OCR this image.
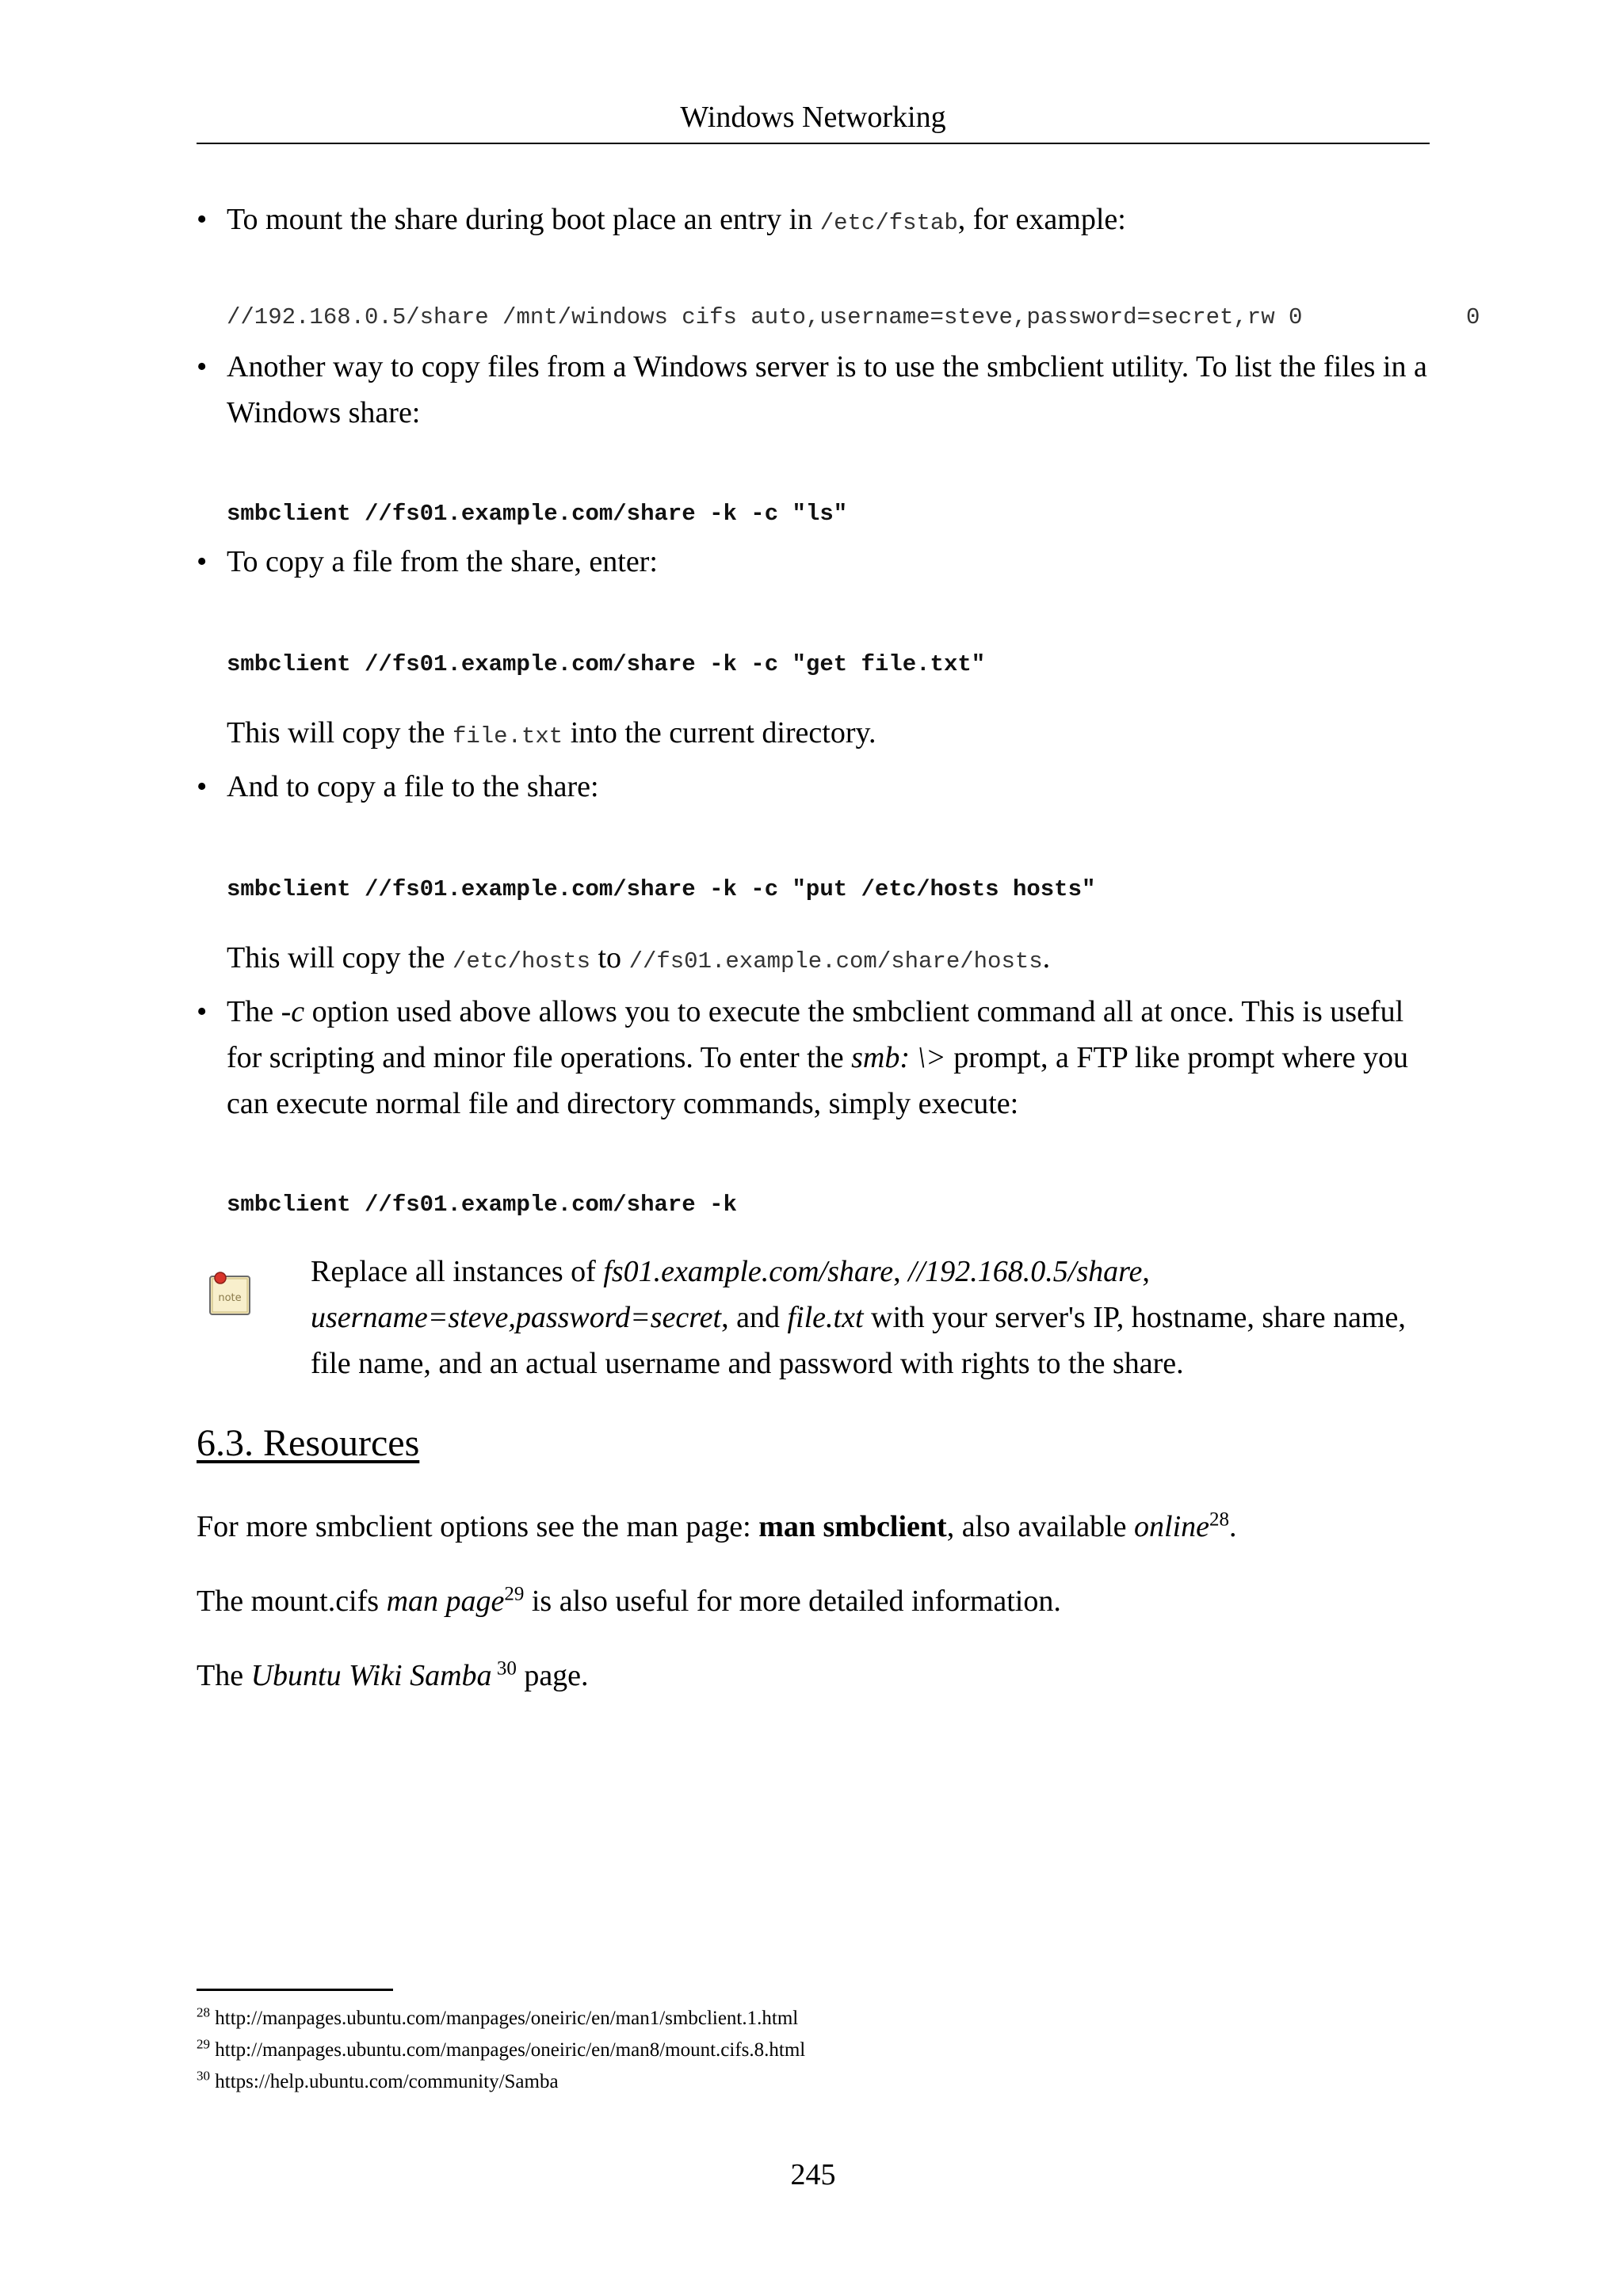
Windows Networking
• To mount the share during boot place an entry in /etc/fstab, for example:
//192.168.0.5/share /mnt/windows cifs auto,username=steve,password=secret,rw 0	0
• Another way to copy files from a Windows server is to use the smbclient utility. To list the files in a Windows share:
smbclient //fs01.example.com/share -k -c "ls"
• To copy a file from the share, enter:
smbclient //fs01.example.com/share -k -c "get file.txt"
This will copy the file.txt into the current directory.
• And to copy a file to the share:
smbclient //fs01.example.com/share -k -c "put /etc/hosts hosts"
This will copy the /etc/hosts to //fs01.example.com/share/hosts.
• The -c option used above allows you to execute the smbclient command all at once. This is useful for scripting and minor file operations. To enter the smb: \> prompt, a FTP like prompt where you can execute normal file and directory commands, simply execute:
smbclient //fs01.example.com/share -k
note
Replace all instances of fs01.example.com/share, //192.168.0.5/share, username=steve,password=secret, and file.txt with your server's IP, hostname, share name, file name, and an actual username and password with rights to the share.
6.3. Resources
For more smbclient options see the man page: man smbclient, also available online$^{28}$.
The mount.cifs man page$^{29}$ is also useful for more detailed information.
The Ubuntu Wiki Samba $^{30}$ page.
$^{28}$ http://manpages.ubuntu.com/manpages/oneiric/en/man1/smbclient.1.html
$^{29}$ http://manpages.ubuntu.com/manpages/oneiric/en/man8/mount.cifs.8.html
$^{30}$ https://help.ubuntu.com/community/Samba
245
